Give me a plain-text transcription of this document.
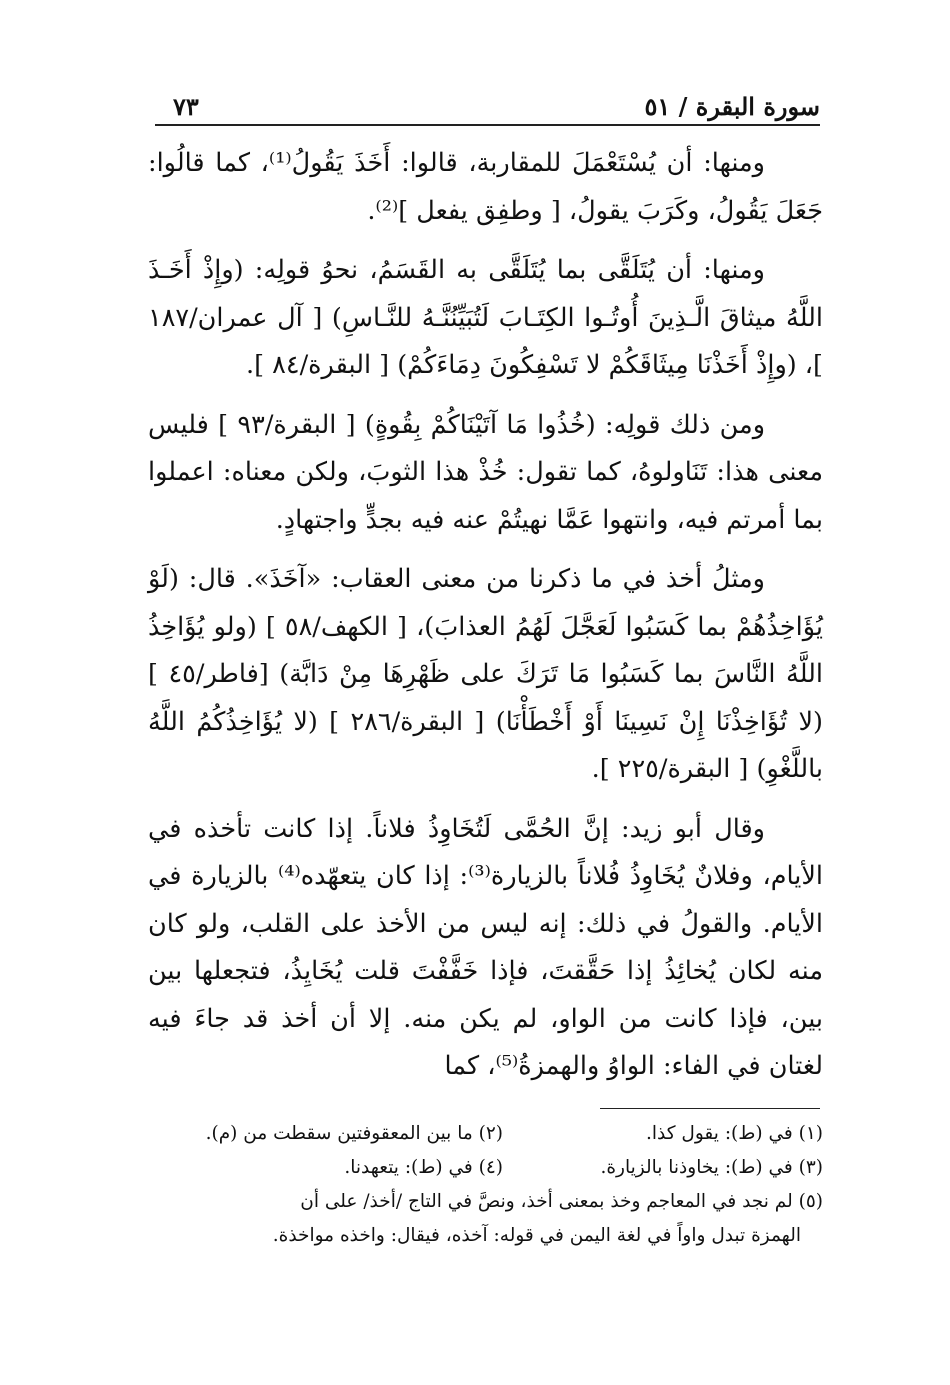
سورة البقرة / ٥١
٧٣

ومنها: أن يُسْتَعْمَلَ للمقاربة، قالوا: أَخَذَ يَقُولُ⁽¹⁾، كما قالُوا: جَعَلَ يَقُولُ، وكَرَبَ يقولُ، [ وطفِق يفعل ]⁽²⁾.

ومنها: أن يُتَلَقَّى بما يُتَلَقَّى به القَسَمُ، نحوُ قولِه: (وإِذْ أَخَـذَ اللَّهُ ميثاقَ الَّـذِينَ أُوتُـوا الكِتَـابَ لَتُبَيِّنُنَّـهُ للنَّـاسِ) [ آل عمران/١٨٧ ]، (وإِذْ أَخَذْنَا مِيثَاقَكُمْ لا تَسْفِكُونَ دِمَاءَكُمْ) [ البقرة/٨٤ ].

ومن ذلك قولِه: (خُذُوا مَا آتَيْنَاكُمْ بِقُوةٍ) [ البقرة/٩٣ ] فليس معنى هذا: تَنَاولوهُ، كما تقول: خُذْ هذا الثوبَ، ولكن معناه: اعملوا بما أمرتم فيه، وانتهوا عَمَّا نهيتُمْ عنه فيه بجدٍّ واجتهادٍ.

ومثلُ أخذ في ما ذكرنا من معنى العقاب: «آخَذَ». قال: (لَوْ يُؤَاخِذُهُمْ بما كَسَبُوا لَعَجَّلَ لَهُمُ العذابَ)، [ الكهف/٥٨ ] (ولو يُؤَاخِذُ اللَّهُ النَّاسَ بما كَسَبُوا مَا تَرَكَ على ظَهْرِهَا مِنْ دَابَّة) [فاطر/٤٥ ] (لا تُؤَاخِذْنَا إِنْ نَسِينَا أَوْ أَخْطَأْنَا) [ البقرة/٢٨٦ ] (لا يُؤَاخِذُكُمُ اللَّهُ باللَّغْوِ) [ البقرة/٢٢٥ ].

وقال أبو زيد: إنَّ الحُمَّى لَتُخَاوِذُ فلاناً. إذا كانت تأخذه في الأيام، وفلانٌ يُخَاوِذُ فُلاناً بالزيارة⁽³⁾: إذا كان يتعهّده⁽⁴⁾ بالزيارة في الأيام. والقولُ في ذلك: إنه ليس من الأخذ على القلب، ولو كان منه لكان يُخائِذُ إذا حَقَّقتَ، فإذا خَفَّفْتَ قلت يُخَايِذُ، فتجعلها بين بين، فإذا كانت من الواو، لم يكن منه. إلا أن أخذ قد جاءَ فيه لغتان في الفاء: الواوُ والهمزةُ⁽⁵⁾، كما

(١) في (ط): يقول كذا.
(٢) ما بين المعقوفتين سقطت من (م).
(٣) في (ط): يخاوذنا بالزيارة.
(٤) في (ط): يتعهدنا.
(٥) لم نجد في المعاجم وخذ بمعنى أخذ، ونصَّ في التاج /أخذ/ على أن
الهمزة تبدل واواً في لغة اليمن في قوله: آخذه، فيقال: واخذه مواخذة.
